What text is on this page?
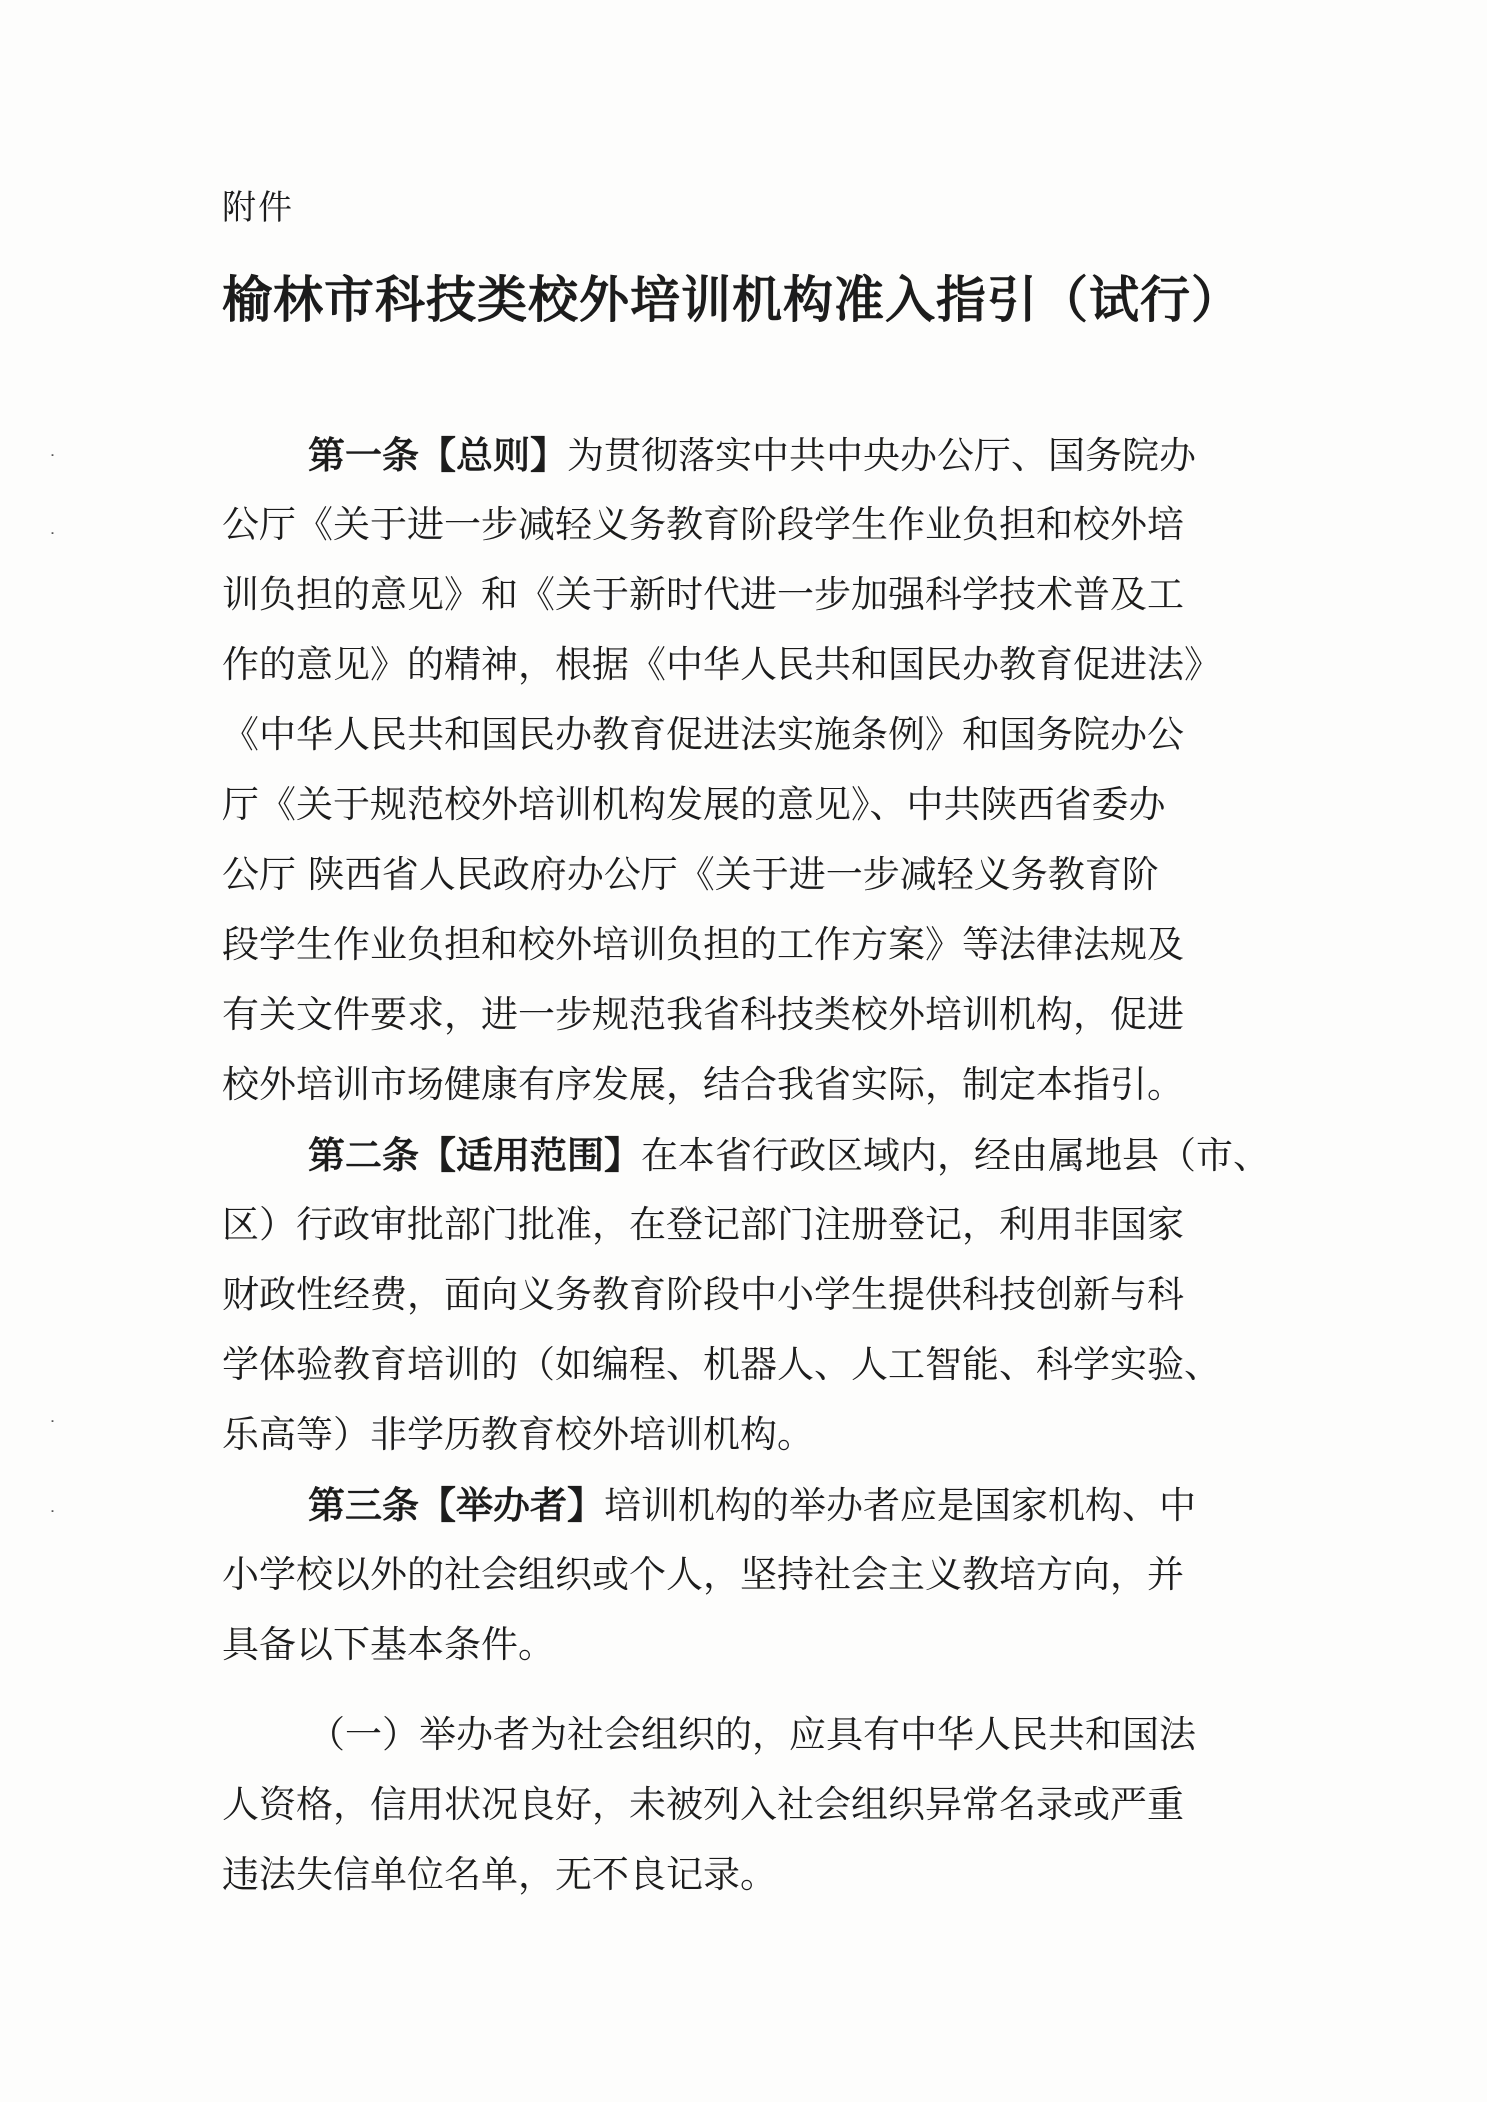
˙
˙
˙
˙
附件
榆林市科技类校外培训机构准入指引（试行）
第一条【总则】为贯彻落实中共中央办公厅、国务院办
公厅《关于进一步减轻义务教育阶段学生作业负担和校外培
训负担的意见》和《关于新时代进一步加强科学技术普及工
作的意见》的精神，根据《中华人民共和国民办教育促进法》
《中华人民共和国民办教育促进法实施条例》和国务院办公
厅《关于规范校外培训机构发展的意见》、中共陕西省委办
公厅 陕西省人民政府办公厅《关于进一步减轻义务教育阶
段学生作业负担和校外培训负担的工作方案》等法律法规及
有关文件要求，进一步规范我省科技类校外培训机构，促进
校外培训市场健康有序发展，结合我省实际，制定本指引。
第二条【适用范围】在本省行政区域内，经由属地县（市、
区）行政审批部门批准，在登记部门注册登记，利用非国家
财政性经费，面向义务教育阶段中小学生提供科技创新与科
学体验教育培训的（如编程、机器人、人工智能、科学实验、
乐高等）非学历教育校外培训机构。
第三条【举办者】培训机构的举办者应是国家机构、中
小学校以外的社会组织或个人，坚持社会主义教培方向，并
具备以下基本条件。
（一）举办者为社会组织的，应具有中华人民共和国法
人资格，信用状况良好，未被列入社会组织异常名录或严重
违法失信单位名单，无不良记录。
